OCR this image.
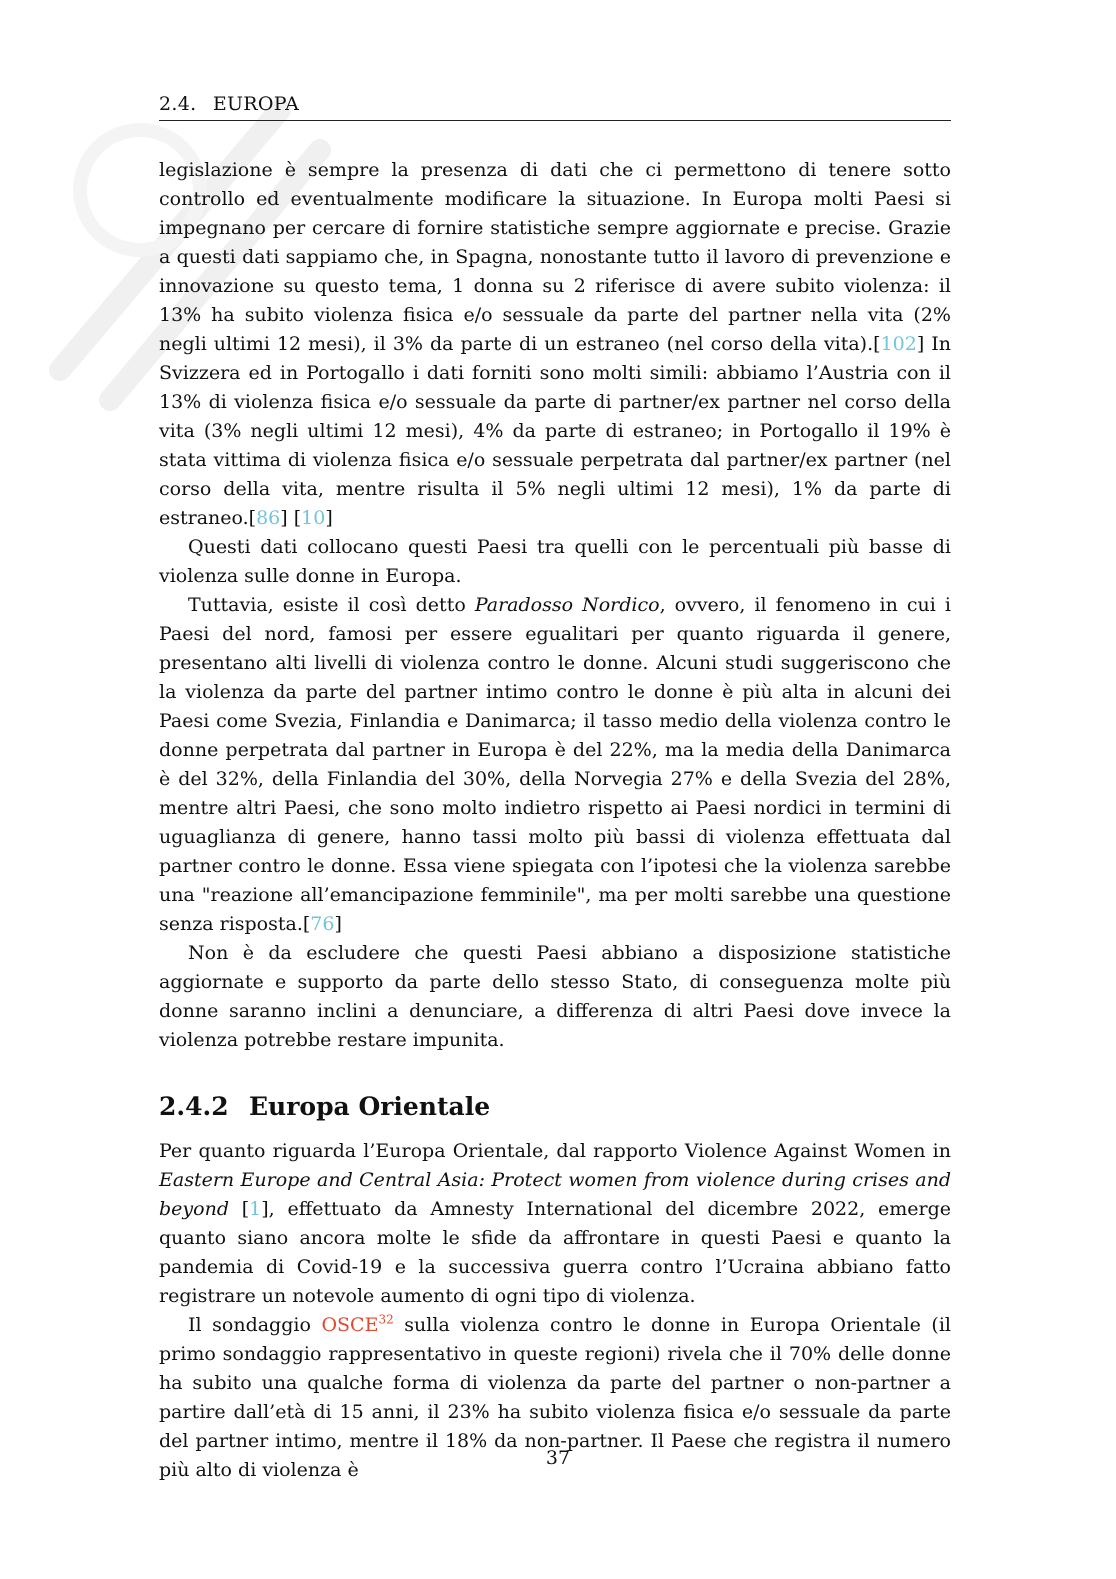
2.4. EUROPA

legislazione è sempre la presenza di dati che ci permettono di tenere sotto controllo ed eventualmente modificare la situazione. In Europa molti Paesi si impegnano per cercare di fornire statistiche sempre aggiornate e precise. Grazie a questi dati sappiamo che, in Spagna, nonostante tutto il lavoro di prevenzione e innovazione su questo tema, 1 donna su 2 riferisce di avere subito violenza: il 13% ha subito violenza fisica e/o sessuale da parte del partner nella vita (2% negli ultimi 12 mesi), il 3% da parte di un estraneo (nel corso della vita).[102] In Svizzera ed in Portogallo i dati forniti sono molti simili: abbiamo l’Austria con il 13% di violenza fisica e/o sessuale da parte di partner/ex partner nel corso della vita (3% negli ultimi 12 mesi), 4% da parte di estraneo; in Portogallo il 19% è stata vittima di violenza fisica e/o sessuale perpetrata dal partner/ex partner (nel corso della vita, mentre risulta il 5% negli ultimi 12 mesi), 1% da parte di estraneo.[86] [10]

Questi dati collocano questi Paesi tra quelli con le percentuali più basse di violenza sulle donne in Europa.

Tuttavia, esiste il così detto Paradosso Nordico, ovvero, il fenomeno in cui i Paesi del nord, famosi per essere egualitari per quanto riguarda il genere, presentano alti livelli di violenza contro le donne. Alcuni studi suggeriscono che la violenza da parte del partner intimo contro le donne è più alta in alcuni dei Paesi come Svezia, Finlandia e Danimarca; il tasso medio della violenza contro le donne perpetrata dal partner in Europa è del 22%, ma la media della Danimarca è del 32%, della Finlandia del 30%, della Norvegia 27% e della Svezia del 28%, mentre altri Paesi, che sono molto indietro rispetto ai Paesi nordici in termini di uguaglianza di genere, hanno tassi molto più bassi di violenza effettuata dal partner contro le donne. Essa viene spiegata con l’ipotesi che la violenza sarebbe una "reazione all’emancipazione femminile", ma per molti sarebbe una questione senza risposta.[76]

Non è da escludere che questi Paesi abbiano a disposizione statistiche aggiornate e supporto da parte dello stesso Stato, di conseguenza molte più donne saranno inclini a denunciare, a differenza di altri Paesi dove invece la violenza potrebbe restare impunita.

2.4.2 Europa Orientale

Per quanto riguarda l’Europa Orientale, dal rapporto Violence Against Women in Eastern Europe and Central Asia: Protect women from violence during crises and beyond [1], effettuato da Amnesty International del dicembre 2022, emerge quanto siano ancora molte le sfide da affrontare in questi Paesi e quanto la pandemia di Covid-19 e la successiva guerra contro l’Ucraina abbiano fatto registrare un notevole aumento di ogni tipo di violenza.

Il sondaggio OSCE$^{32}$ sulla violenza contro le donne in Europa Orientale (il primo sondaggio rappresentativo in queste regioni) rivela che il 70% delle donne ha subito una qualche forma di violenza da parte del partner o non-partner a partire dall’età di 15 anni, il 23% ha subito violenza fisica e/o sessuale da parte del partner intimo, mentre il 18% da non-partner. Il Paese che registra il numero più alto di violenza è

37
